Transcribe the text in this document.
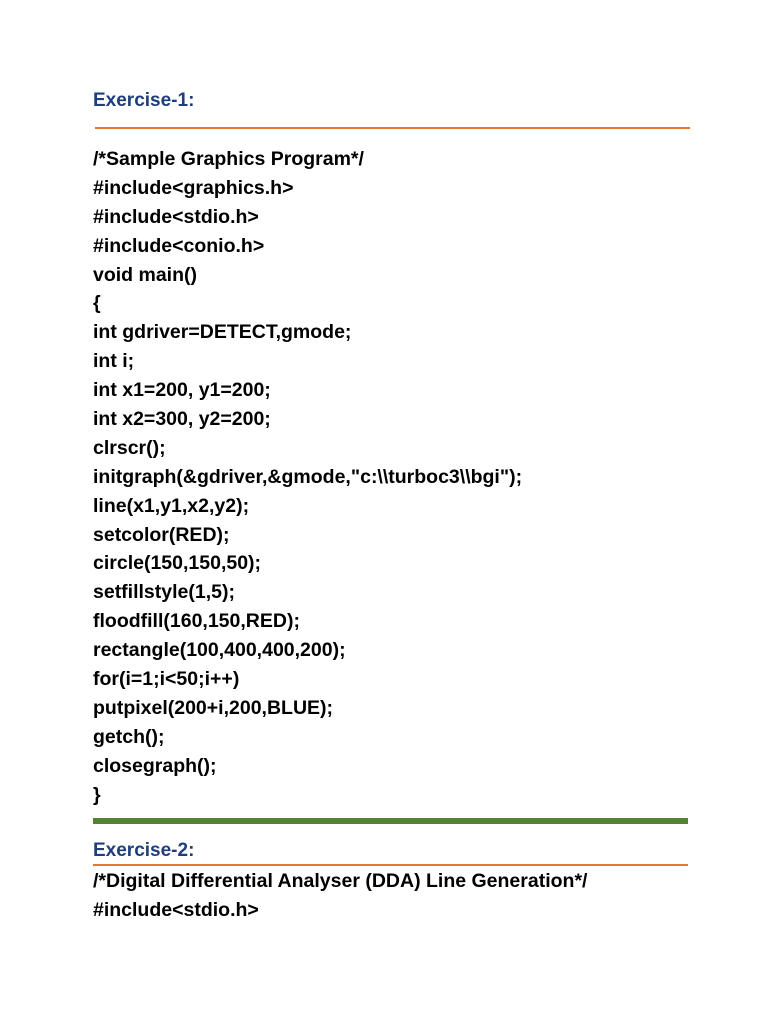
Exercise-1:
/*Sample Graphics Program*/
#include<graphics.h>
#include<stdio.h>
#include<conio.h>
void main()
{
int gdriver=DETECT,gmode;
int i;
int x1=200, y1=200;
int x2=300, y2=200;
clrscr();
initgraph(&gdriver,&gmode,"c:\\turboc3\\bgi");
line(x1,y1,x2,y2);
setcolor(RED);
circle(150,150,50);
setfillstyle(1,5);
floodfill(160,150,RED);
rectangle(100,400,400,200);
for(i=1;i<50;i++)
putpixel(200+i,200,BLUE);
getch();
closegraph();
}
Exercise-2:
/*Digital Differential Analyser (DDA) Line Generation*/
#include<stdio.h>
